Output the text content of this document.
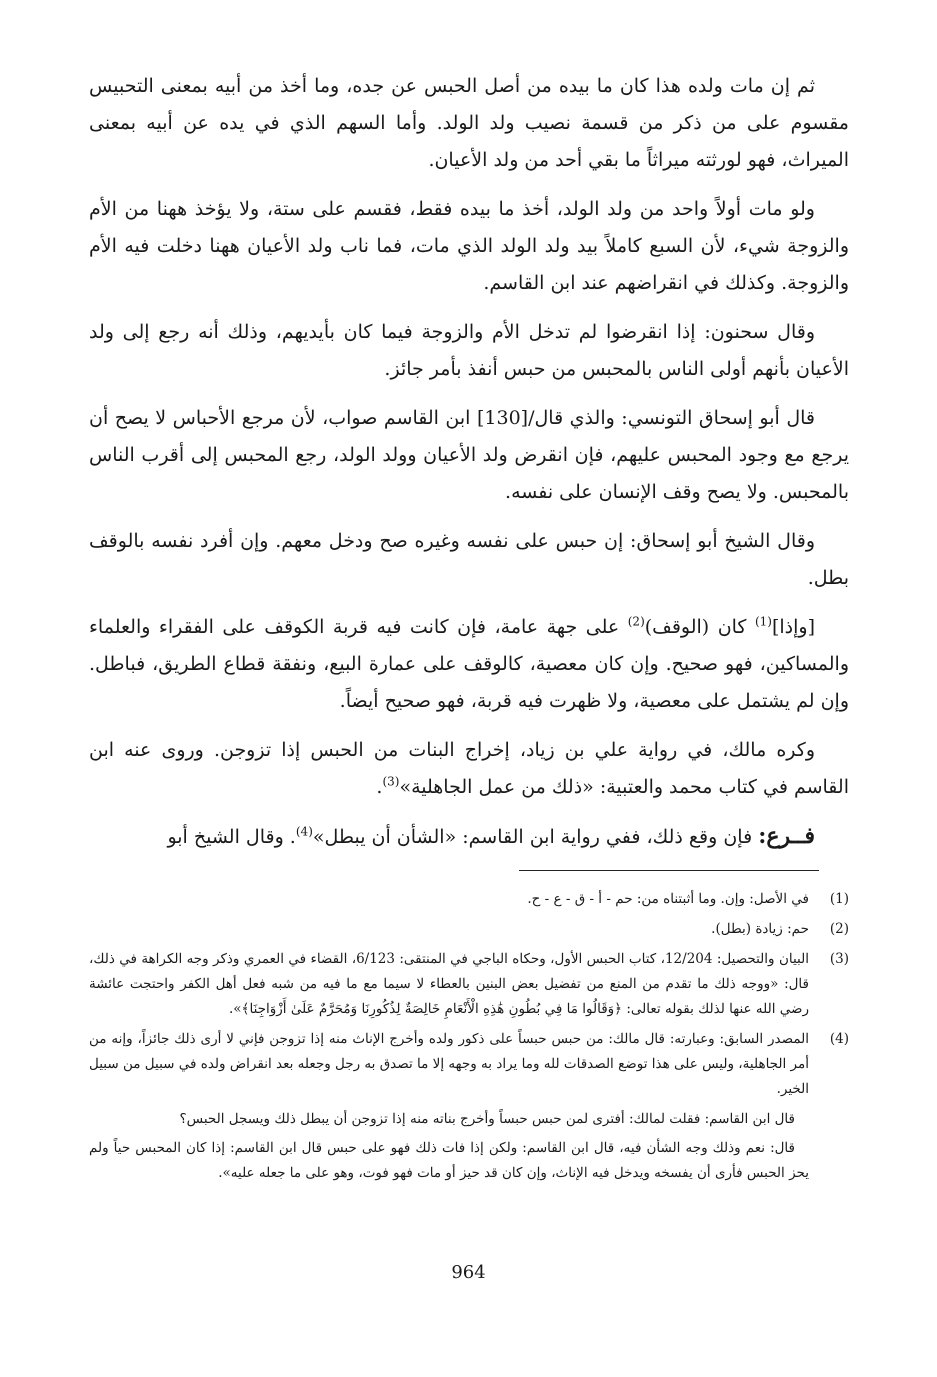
ثم إن مات ولده هذا كان ما بيده من أصل الحبس عن جده، وما أخذ من أبيه بمعنى التحبيس مقسوم على من ذكر من قسمة نصيب ولد الولد. وأما السهم الذي في يده عن أبيه بمعنى الميراث، فهو لورثته ميراثاً ما بقي أحد من ولد الأعيان.

ولو مات أولاً واحد من ولد الولد، أخذ ما بيده فقط، فقسم على ستة، ولا يؤخذ ههنا من الأم والزوجة شيء، لأن السبع كاملاً بيد ولد الولد الذي مات، فما ناب ولد الأعيان ههنا دخلت فيه الأم والزوجة. وكذلك في انقراضهم عند ابن القاسم.

وقال سحنون: إذا انقرضوا لم تدخل الأم والزوجة فيما كان بأيديهم، وذلك أنه رجع إلى ولد الأعيان بأنهم أولى الناس بالمحبس من حبس أنفذ بأمر جائز.

قال أبو إسحاق التونسي: والذي قال/[130] ابن القاسم صواب، لأن مرجع الأحباس لا يصح أن يرجع مع وجود المحبس عليهم، فإن انقرض ولد الأعيان وولد الولد، رجع المحبس إلى أقرب الناس بالمحبس. ولا يصح وقف الإنسان على نفسه.

وقال الشيخ أبو إسحاق: إن حبس على نفسه وغيره صح ودخل معهم. وإن أفرد نفسه بالوقف بطل.

[وإذا]$^{(1)}$ كان (الوقف)$^{(2)}$ على جهة عامة، فإن كانت فيه قربة الكوقف على الفقراء والعلماء والمساكين، فهو صحيح. وإن كان معصية، كالوقف على عمارة البيع، ونفقة قطاع الطريق، فباطل. وإن لم يشتمل على معصية، ولا ظهرت فيه قربة، فهو صحيح أيضاً.

وكره مالك، في رواية علي بن زياد، إخراج البنات من الحبس إذا تزوجن. وروى عنه ابن القاسم في كتاب محمد والعتبية: «ذلك من عمل الجاهلية»$^{(3)}$.

فــرع: فإن وقع ذلك، ففي رواية ابن القاسم: «الشأن أن يبطل»$^{(4)}$. وقال الشيخ أبو

(1)
في الأصل: وإن. وما أثبتناه من: حم - أ - ق - ع - ح.
(2)
حم: زيادة (بطل).
(3)
البيان والتحصيل: 12/204، كتاب الحبس الأول، وحكاه الباجي في المنتقى: 6/123، القضاء في العمري وذكر وجه الكراهة في ذلك، قال: «ووجه ذلك ما تقدم من المنع من تفضيل بعض البنين بالعطاء لا سيما مع ما فيه من شبه فعل أهل الكفر واحتجت عائشة رضي الله عنها لذلك بقوله تعالى: ﴿وَقَالُوا مَا فِي بُطُونِ هَٰذِهِ الْأَنْعَامِ خَالِصَةٌ لِذُكُورِنَا وَمُحَرَّمٌ عَلَىٰ أَزْوَاجِنَا﴾».
(4)
المصدر السابق: وعبارته: قال مالك: من حبس حبساً على ذكور ولده وأخرج الإناث منه إذا تزوجن فإني لا أرى ذلك جائزاً، وإنه من أمر الجاهلية، وليس على هذا توضع الصدقات لله وما يراد به وجهه إلا ما تصدق به رجل وجعله بعد انقراض ولده في سبيل من سبيل الخير.
قال ابن القاسم: فقلت لمالك: أفترى لمن حبس حبساً وأخرج بناته منه إذا تزوجن أن يبطل ذلك ويسجل الحبس؟
قال: نعم وذلك وجه الشأن فيه، قال ابن القاسم: ولكن إذا فات ذلك فهو على حبس قال ابن القاسم: إذا كان المحبس حياً ولم يحز الحبس فأرى أن يفسخه ويدخل فيه الإناث، وإن كان قد حيز أو مات فهو فوت، وهو على ما جعله عليه».
964
